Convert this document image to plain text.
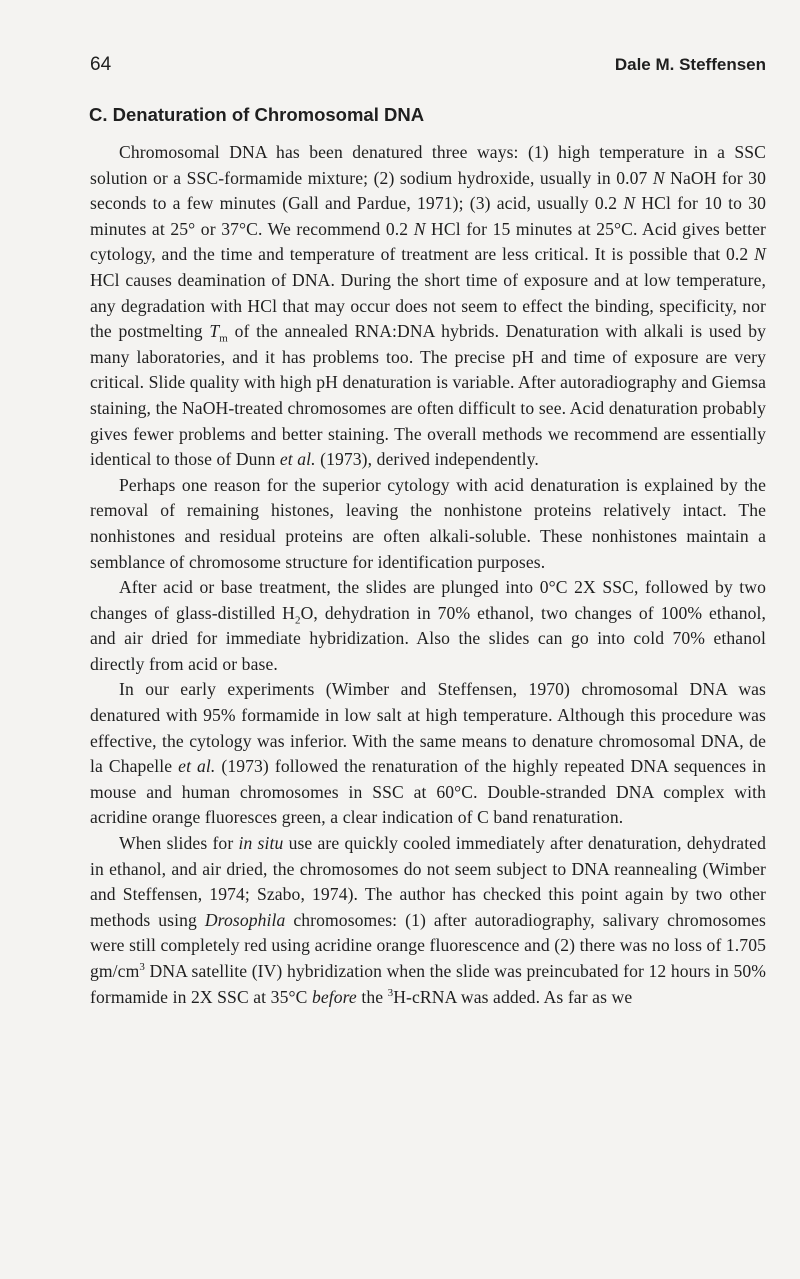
64	Dale M. Steffensen
C. Denaturation of Chromosomal DNA

Chromosomal DNA has been denatured three ways: (1) high temperature in a SSC solution or a SSC-formamide mixture; (2) sodium hydroxide, usually in 0.07 N NaOH for 30 seconds to a few minutes (Gall and Pardue, 1971); (3) acid, usually 0.2 N HCl for 10 to 30 minutes at 25° or 37°C. We recommend 0.2 N HCl for 15 minutes at 25°C. Acid gives better cytology, and the time and temperature of treatment are less critical. It is possible that 0.2 N HCl causes deamination of DNA. During the short time of exposure and at low temperature, any degradation with HCl that may occur does not seem to effect the binding, specificity, nor the postmelting $T_m$ of the annealed RNA:DNA hybrids. Denaturation with alkali is used by many laboratories, and it has problems too. The precise pH and time of exposure are very critical. Slide quality with high pH denaturation is variable. After autoradiography and Giemsa staining, the NaOH-treated chromosomes are often difficult to see. Acid denaturation probably gives fewer problems and better staining. The overall methods we recommend are essentially identical to those of Dunn et al. (1973), derived independently.

Perhaps one reason for the superior cytology with acid denaturation is explained by the removal of remaining histones, leaving the nonhistone proteins relatively intact. The nonhistones and residual proteins are often alkali-soluble. These nonhistones maintain a semblance of chromosome structure for identification purposes.

After acid or base treatment, the slides are plunged into 0°C 2X SSC, followed by two changes of glass-distilled $H_2O$, dehydration in 70% ethanol, two changes of 100% ethanol, and air dried for immediate hybridization. Also the slides can go into cold 70% ethanol directly from acid or base.

In our early experiments (Wimber and Steffensen, 1970) chromosomal DNA was denatured with 95% formamide in low salt at high temperature. Although this procedure was effective, the cytology was inferior. With the same means to denature chromosomal DNA, de la Chapelle et al. (1973) followed the renaturation of the highly repeated DNA sequences in mouse and human chromosomes in SSC at 60°C. Double-stranded DNA complex with acridine orange fluoresces green, a clear indication of C band renaturation.

When slides for in situ use are quickly cooled immediately after denaturation, dehydrated in ethanol, and air dried, the chromosomes do not seem subject to DNA reannealing (Wimber and Steffensen, 1974; Szabo, 1974). The author has checked this point again by two other methods using Drosophila chromosomes: (1) after autoradiography, salivary chromosomes were still completely red using acridine orange fluorescence and (2) there was no loss of 1.705 $gm/cm^3$ DNA satellite (IV) hybridization when the slide was preincubated for 12 hours in 50% formamide in 2X SSC at 35°C before the $^3$H-cRNA was added. As far as we
